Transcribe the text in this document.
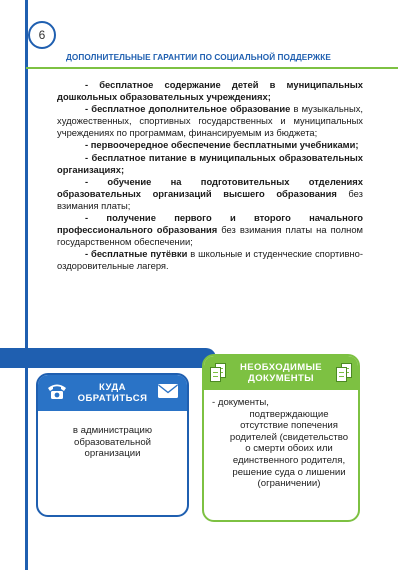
6
ДОПОЛНИТЕЛЬНЫЕ ГАРАНТИИ ПО СОЦИАЛЬНОЙ ПОДДЕРЖКЕ

- бесплатное содержание детей в муниципальных дошкольных образовательных учреждениях;

- бесплатное дополнительное образование в музыкальных, художественных, спортивных государственных и муниципальных учреждениях по программам, финансируемым из бюджета;

- первоочередное обеспечение бесплатными учебниками;

- бесплатное питание в муниципальных образовательных организациях;

- обучение на подготовительных отделениях образовательных организаций высшего образования без взимания платы;

- получение первого и второго начального профессионального образования без взимания платы на полном государственном обеспечении;

- бесплатные путёвки в школьные и студенческие спортивно-оздоровительные лагеря.

КУДА
ОБРАТИТЬСЯ
в администрацию образовательной организации
НЕОБХОДИМЫЕ
ДОКУМЕНТЫ
- документы,
подтверждающие отсутствие попечения родителей (свидетельство о смерти обоих или единственного родителя, решение суда о лишении (ограничении)
